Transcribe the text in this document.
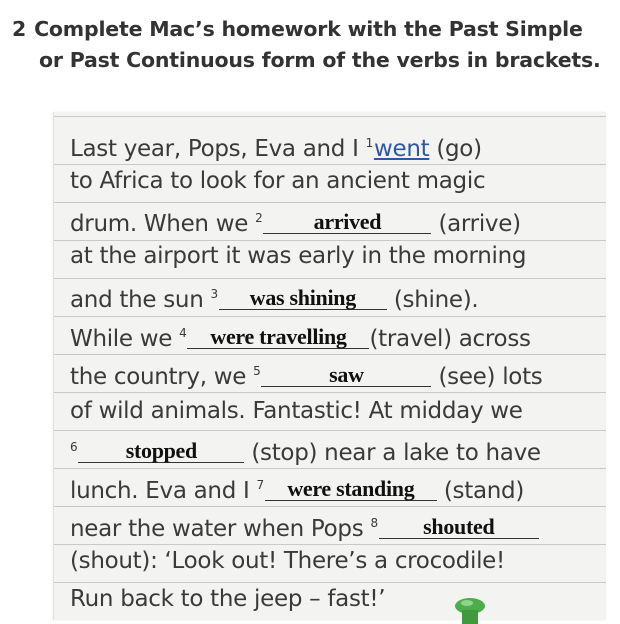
2 Complete Mac’s homework with the Past Simple
or Past Continuous form of the verbs in brackets.
Last year, Pops, Eva and I $^1$went (go)
to Africa to look for an ancient magic
drum. When we $^2$ arrived (arrive)
at the airport it was early in the morning
and the sun $^3$ was shining (shine).
While we $^4$ were travelling (travel) across
the country, we $^5$	saw	(see) lots
of wild animals. Fantastic! At midday we
$^6$ stopped (stop) near a lake to have
lunch. Eva and I $^7$ were standing (stand)
near the water when Pops $^8$ shouted
(shout): ‘Look out! There’s a crocodile!
Run back to the jeep – fast!’
